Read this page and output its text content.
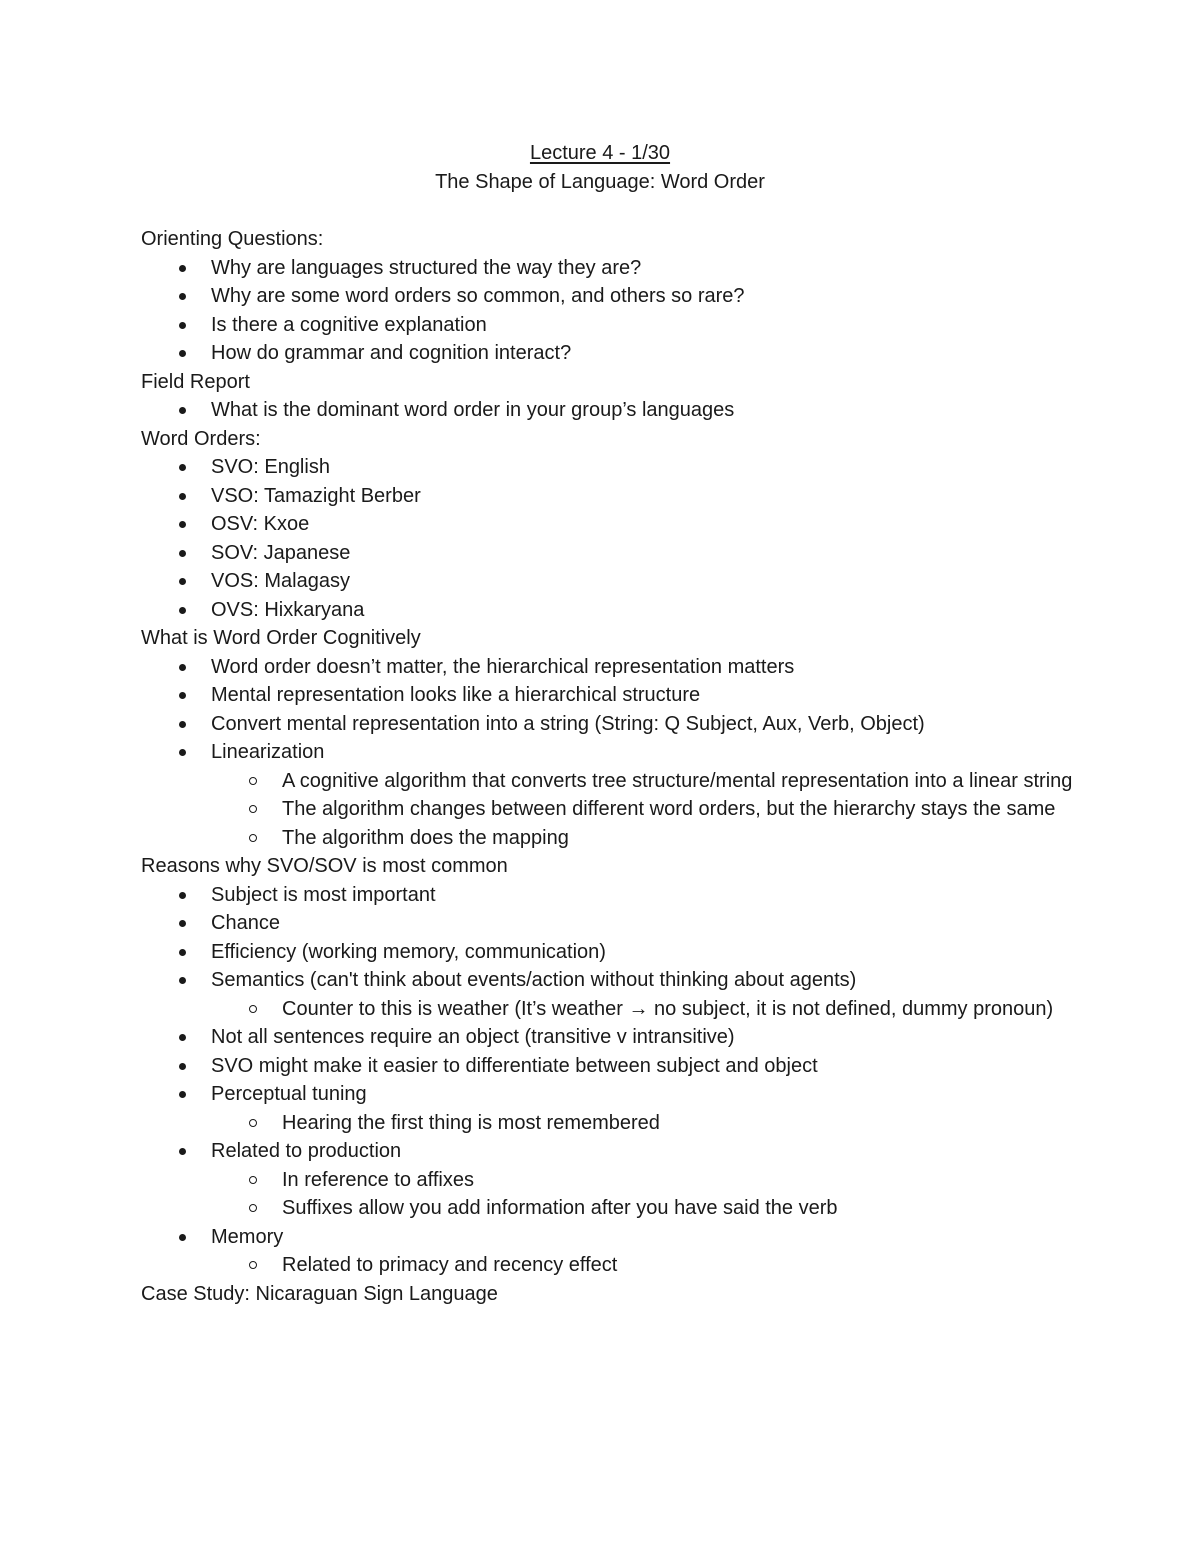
Lecture 4 - 1/30
The Shape of Language: Word Order
Orienting Questions:
Why are languages structured the way they are?
Why are some word orders so common, and others so rare?
Is there a cognitive explanation
How do grammar and cognition interact?
Field Report
What is the dominant word order in your group’s languages
Word Orders:
SVO: English
VSO: Tamazight Berber
OSV: Kxoe
SOV: Japanese
VOS: Malagasy
OVS: Hixkaryana
What is Word Order Cognitively
Word order doesn’t matter, the hierarchical representation matters
Mental representation looks like a hierarchical structure
Convert mental representation into a string (String: Q Subject, Aux, Verb, Object)
Linearization
A cognitive algorithm that converts tree structure/mental representation into a linear string
The algorithm changes between different word orders, but the hierarchy stays the same
The algorithm does the mapping
Reasons why SVO/SOV is most common
Subject is most important
Chance
Efficiency (working memory, communication)
Semantics (can't think about events/action without thinking about agents)
Counter to this is weather (It’s weather → no subject, it is not defined, dummy pronoun)
Not all sentences require an object (transitive v intransitive)
SVO might make it easier to differentiate between subject and object
Perceptual tuning
Hearing the first thing is most remembered
Related to production
In reference to affixes
Suffixes allow you add information after you have said the verb
Memory
Related to primacy and recency effect
Case Study: Nicaraguan Sign Language
